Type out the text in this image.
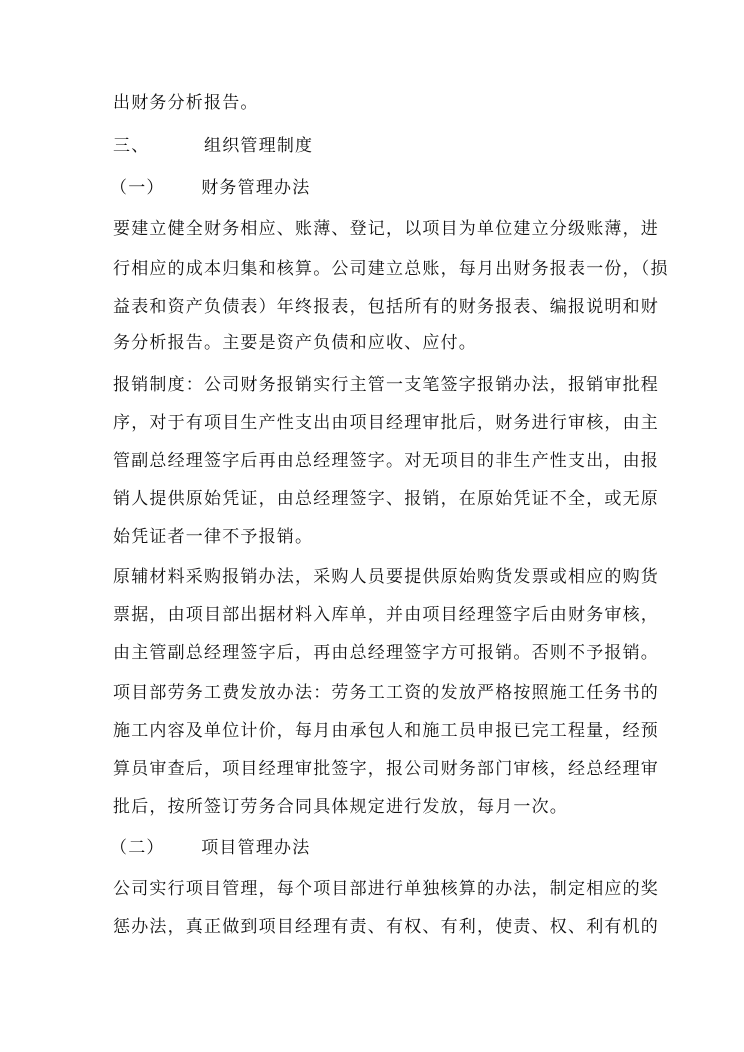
出财务分析报告。
三、	组织管理制度
（一） 财务管理办法
要建立健全财务相应、账薄、登记，以项目为单位建立分级账薄，进
行相应的成本归集和核算。公司建立总账，每月出财务报表一份，（损
益表和资产负债表）年终报表，包括所有的财务报表、编报说明和财
务分析报告。主要是资产负债和应收、应付。
报销制度：公司财务报销实行主管一支笔签字报销办法，报销审批程
序，对于有项目生产性支出由项目经理审批后，财务进行审核，由主
管副总经理签字后再由总经理签字。对无项目的非生产性支出，由报
销人提供原始凭证，由总经理签字、报销，在原始凭证不全，或无原
始凭证者一律不予报销。
原辅材料采购报销办法，采购人员要提供原始购货发票或相应的购货
票据，由项目部出据材料入库单，并由项目经理签字后由财务审核，
由主管副总经理签字后，再由总经理签字方可报销。否则不予报销。
项目部劳务工费发放办法：劳务工工资的发放严格按照施工任务书的
施工内容及单位计价，每月由承包人和施工员申报已完工程量，经预
算员审查后，项目经理审批签字，报公司财务部门审核，经总经理审
批后，按所签订劳务合同具体规定进行发放，每月一次。
（二） 项目管理办法
公司实行项目管理，每个项目部进行单独核算的办法，制定相应的奖
惩办法，真正做到项目经理有责、有权、有利，使责、权、利有机的
